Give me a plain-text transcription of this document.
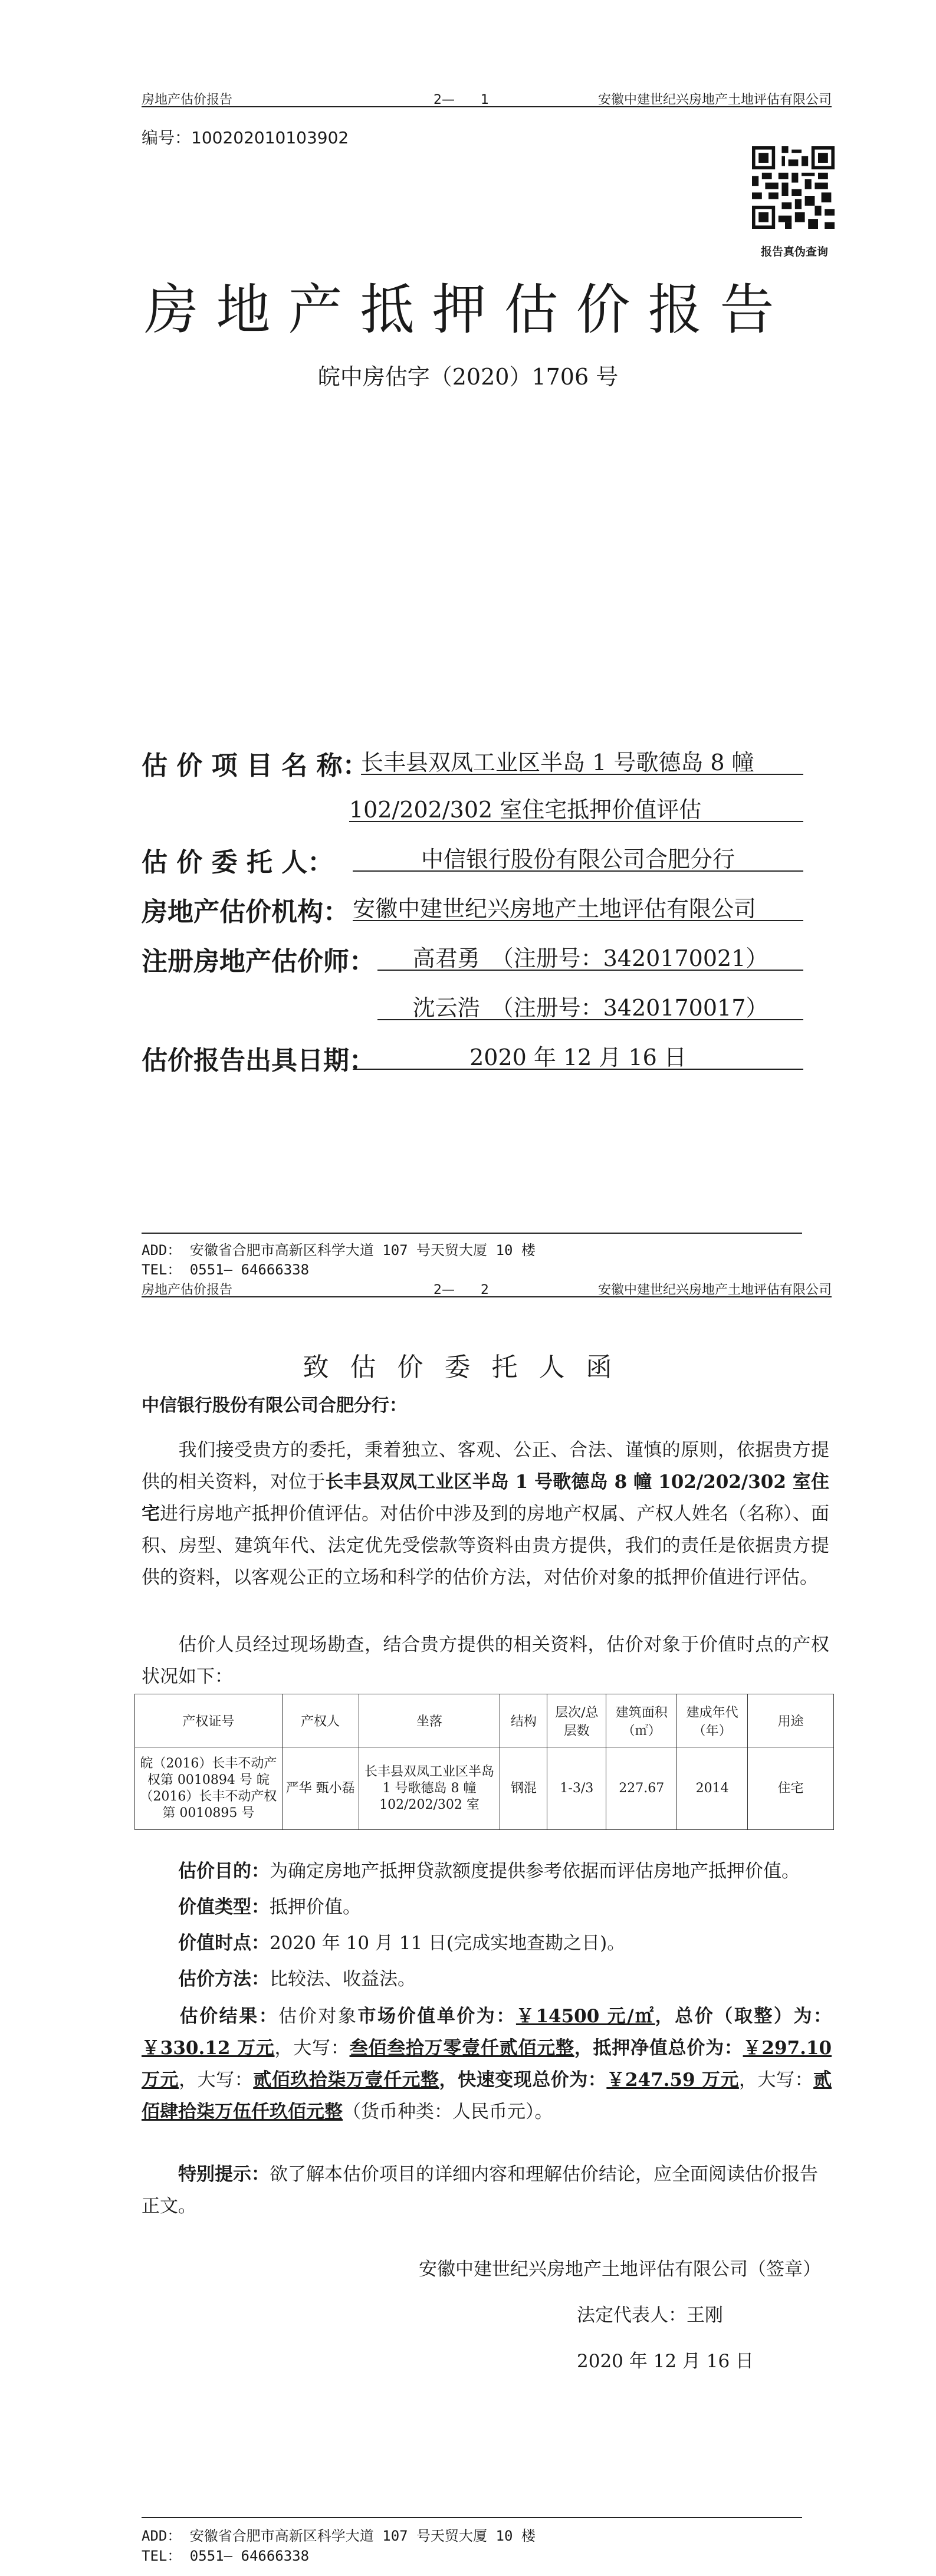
房地产估价报告	2—　　1	安徽中建世纪兴房地产土地评估有限公司
编号：100202010103902
报告真伪查询
房地产抵押估价报告
皖中房估字（2020）1706 号
估 价 项 目 名 称：
长丰县双凤工业区半岛 1 号歌德岛 8 幢
102/202/302 室住宅抵押价值评估
估 价 委 托 人：	中信银行股份有限公司合肥分行
房地产估价机构： 安徽中建世纪兴房地产土地评估有限公司
注册房地产估价师：	高君勇　（注册号：3420170021）
沈云浩　（注册号：3420170017）
估价报告出具日期：	2020 年 12 月 16 日
ADD： 安徽省合肥市高新区科学大道 107 号天贸大厦 10 楼
TEL： 0551— 64666338
房地产估价报告	2—　　2	安徽中建世纪兴房地产土地评估有限公司
致估价委托人函
中信银行股份有限公司合肥分行：
我们接受贵方的委托，秉着独立、客观、公正、合法、谨慎的原则，依据贵方提供的相关资料，对位于长丰县双凤工业区半岛 1 号歌德岛 8 幢 102/202/302 室住宅进行房地产抵押价值评估。对估价中涉及到的房地产权属、产权人姓名（名称）、面积、房型、建筑年代、法定优先受偿款等资料由贵方提供，我们的责任是依据贵方提供的资料，以客观公正的立场和科学的估价方法，对估价对象的抵押价值进行评估。
估价人员经过现场勘查，结合贵方提供的相关资料，估价对象于价值时点的产权状况如下：
产权证号	产权人	坐落	结构	层次/总层数	建筑面积（㎡）	建成年代（年）	用途
皖（2016）长丰不动产权第 0010894 号 皖（2016）长丰不动产权第 0010895 号	严华 甄小磊	长丰县双凤工业区半岛 1 号歌德岛 8 幢 102/202/302 室	钢混	1-3/3	227.67	2014	住宅
估价目的：为确定房地产抵押贷款额度提供参考依据而评估房地产抵押价值。
价值类型：抵押价值。
价值时点：2020 年 10 月 11 日(完成实地查勘之日)。
估价方法：比较法、收益法。
估价结果：估价对象市场价值单价为：￥14500 元/㎡，总价（取整）为：￥330.12 万元，大写：叁佰叁拾万零壹仟贰佰元整，抵押净值总价为：￥297.10 万元，大写：贰佰玖拾柒万壹仟元整，快速变现总价为：￥247.59 万元，大写：贰佰肆拾柒万伍仟玖佰元整（货币种类：人民币元）。
特别提示：欲了解本估价项目的详细内容和理解估价结论，应全面阅读估价报告正文。
安徽中建世纪兴房地产土地评估有限公司（签章）
法定代表人：王刚
2020 年 12 月 16 日
ADD： 安徽省合肥市高新区科学大道 107 号天贸大厦 10 楼
TEL： 0551— 64666338
